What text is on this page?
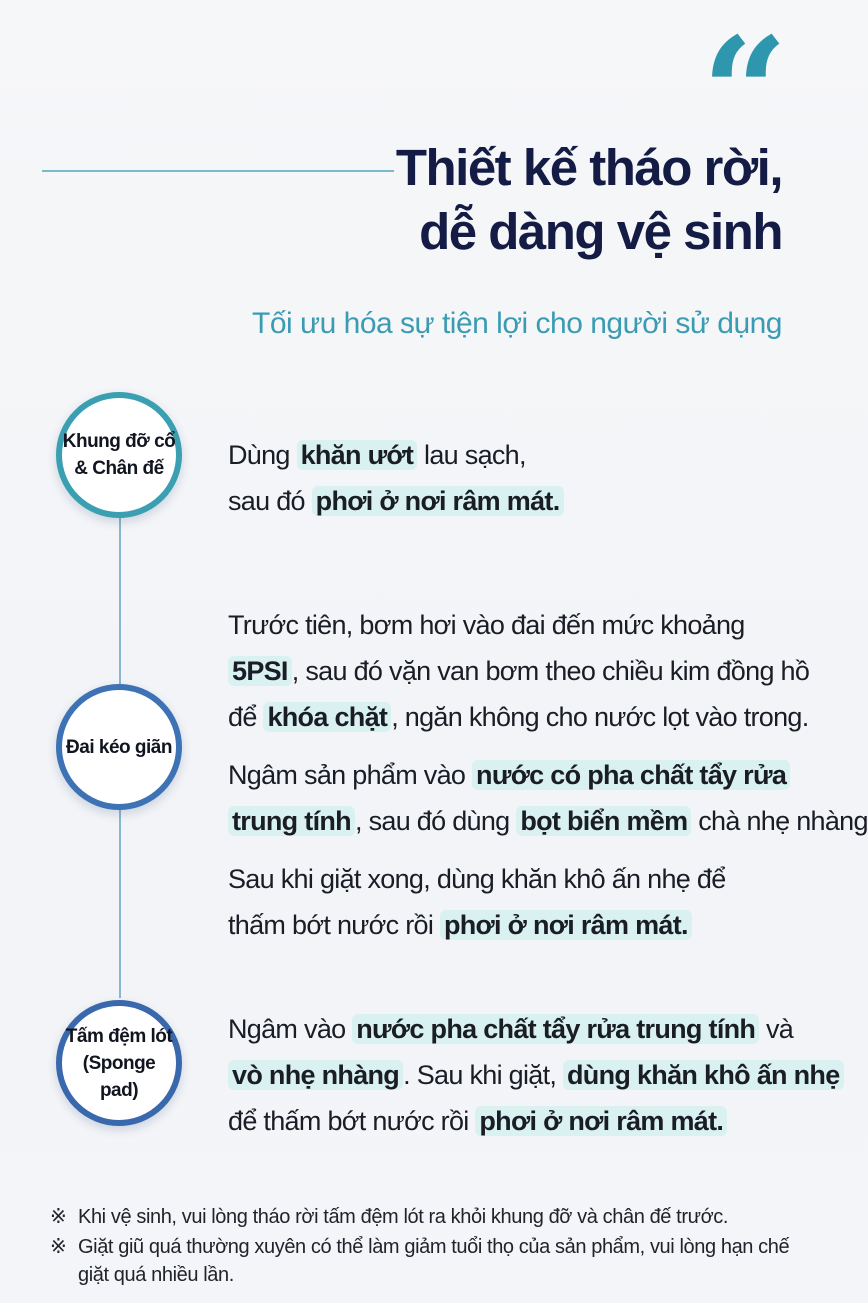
“
Thiết kế tháo rời,
dễ dàng vệ sinh

Tối ưu hóa sự tiện lợi cho người sử dụng

Khung đỡ cổ
& Chân đế
Đai kéo giãn
Tấm đệm lót
(Sponge pad)

Dùng khăn ướt lau sạch,
sau đó phơi ở nơi râm mát.

Trước tiên, bơm hơi vào đai đến mức khoảng
5PSI , sau đó vặn van bơm theo chiều kim đồng hồ
để khóa chặt , ngăn không cho nước lọt vào trong.

Ngâm sản phẩm vào nước có pha chất tẩy rửa
trung tính , sau đó dùng bọt biển mềm chà nhẹ nhàng

Sau khi giặt xong, dùng khăn khô ấn nhẹ để
thấm bớt nước rồi phơi ở nơi râm mát.

Ngâm vào nước pha chất tẩy rửa trung tính và
vò nhẹ nhàng . Sau khi giặt, dùng khăn khô ấn nhẹ
để thấm bớt nước rồi phơi ở nơi râm mát.

※ Khi vệ sinh, vui lòng tháo rời tấm đệm lót ra khỏi khung đỡ và chân đế trước.
※ Giặt giũ quá thường xuyên có thể làm giảm tuổi thọ của sản phẩm, vui lòng hạn chế giặt quá nhiều lần.
